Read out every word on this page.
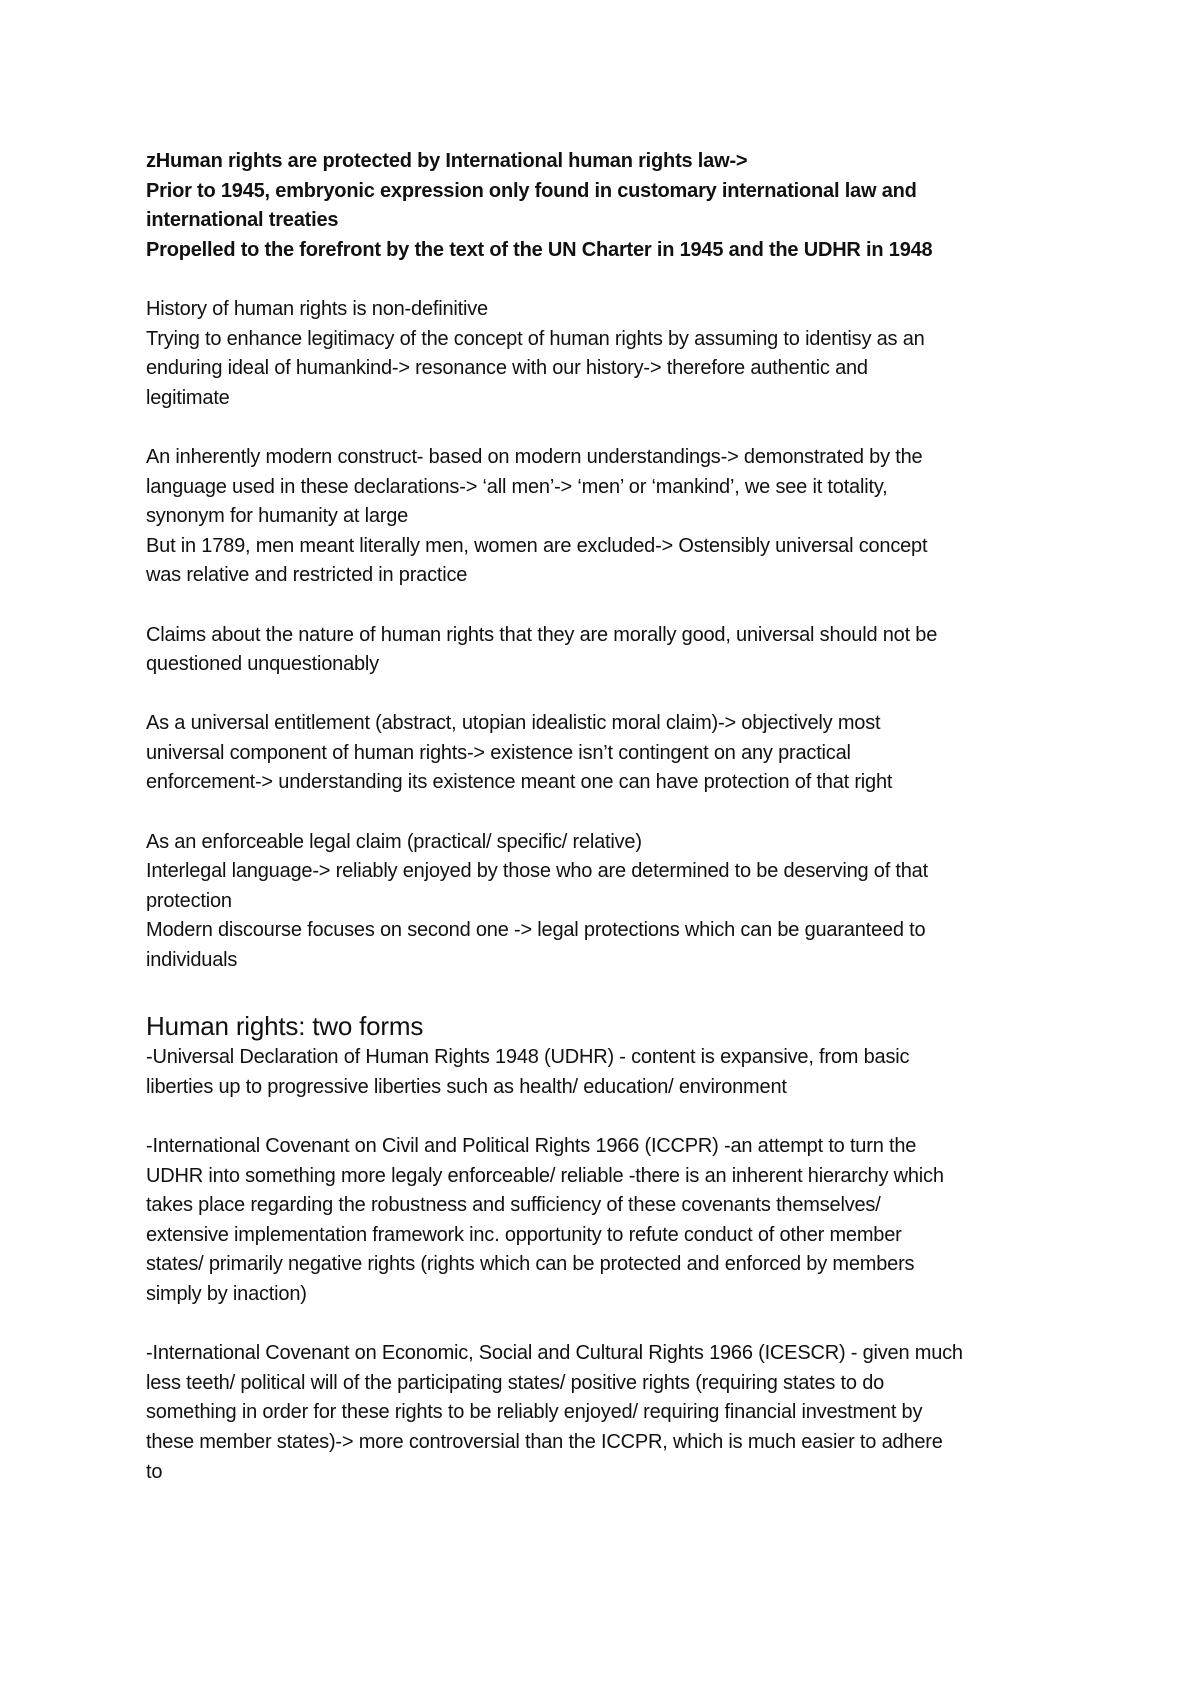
zHuman rights are protected by International human rights law->

Prior to 1945, embryonic expression only found in customary international law and

international treaties

Propelled to the forefront by the text of the UN Charter in 1945 and the UDHR in 1948

History of human rights is non-definitive

Trying to enhance legitimacy of the concept of human rights by assuming to identisy as an

enduring ideal of humankind-> resonance with our history-> therefore authentic and

legitimate

An inherently modern construct- based on modern understandings-> demonstrated by the

language used in these declarations-> ‘all men’-> ‘men’ or ‘mankind’, we see it totality,

synonym for humanity at large

But in 1789, men meant literally men, women are excluded-> Ostensibly universal concept

was relative and restricted in practice

Claims about the nature of human rights that they are morally good, universal should not be

questioned unquestionably

As a universal entitlement (abstract, utopian idealistic moral claim)-> objectively most

universal component of human rights-> existence isn’t contingent on any practical

enforcement-> understanding its existence meant one can have protection of that right

As an enforceable legal claim (practical/ specific/ relative)

Interlegal language-> reliably enjoyed by those who are determined to be deserving of that

protection

Modern discourse focuses on second one -> legal protections which can be guaranteed to

individuals

Human rights: two forms

-Universal Declaration of Human Rights 1948 (UDHR) - content is expansive, from basic

liberties up to progressive liberties such as health/ education/ environment

-International Covenant on Civil and Political Rights 1966 (ICCPR) -an attempt to turn the

UDHR into something more legaly enforceable/ reliable -there is an inherent hierarchy which

takes place regarding the robustness and sufficiency of these covenants themselves/

extensive implementation framework inc. opportunity to refute conduct of other member

states/ primarily negative rights (rights which can be protected and enforced by members

simply by inaction)

-International Covenant on Economic, Social and Cultural Rights 1966 (ICESCR) - given much

less teeth/ political will of the participating states/ positive rights (requiring states to do

something in order for these rights to be reliably enjoyed/ requiring financial investment by

these member states)-> more controversial than the ICCPR, which is much easier to adhere

to
